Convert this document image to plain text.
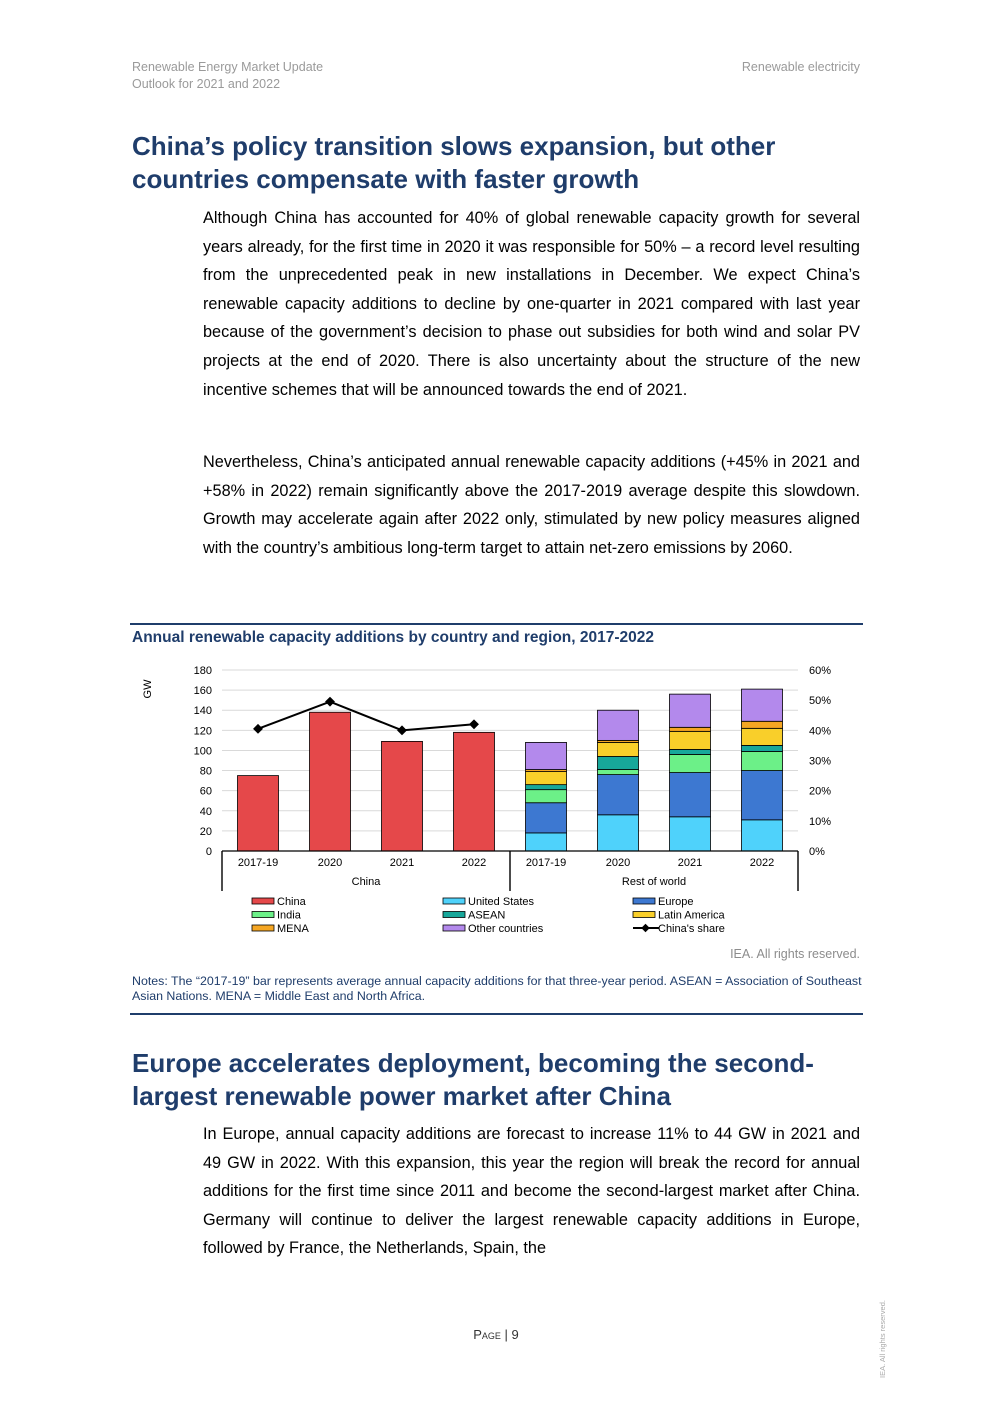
Renewable Energy Market Update
Outlook for 2021 and 2022
Renewable electricity
China’s policy transition slows expansion, but other
countries compensate with faster growth

Although China has accounted for 40% of global renewable capacity growth for several years already, for the first time in 2020 it was responsible for 50% – a record level resulting from the unprecedented peak in new installations in December. We expect China’s renewable capacity additions to decline by one-quarter in 2021 compared with last year because of the government’s decision to phase out subsidies for both wind and solar PV projects at the end of 2020. There is also uncertainty about the structure of the new incentive schemes that will be announced towards the end of 2021.

Nevertheless, China’s anticipated annual renewable capacity additions (+45% in 2021 and +58% in 2022) remain significantly above the 2017-2019 average despite this slowdown. Growth may accelerate again after 2022 only, stimulated by new policy measures aligned with the country’s ambitious long-term target to attain net-zero emissions by 2060.

Annual renewable capacity additions by country and region, 2017-2022
0
20
40
60
80
100
120
140
160
180
0%
10%
20%
30%
40%
50%
60%
GW
2017-19	2020	2021	2022	2017-19	2020	2021	2022
China	Rest of world
China	United States	Europe
India	ASEAN	Latin America
MENA	Other countries	China's share
IEA. All rights reserved.
Notes: The “2017-19” bar represents average annual capacity additions for that three-year period. ASEAN = Association of Southeast Asian Nations. MENA = Middle East and North Africa.
Europe accelerates deployment, becoming the second-
largest renewable power market after China

In Europe, annual capacity additions are forecast to increase 11% to 44 GW in 2021 and 49 GW in 2022. With this expansion, this year the region will break the record for annual additions for the first time since 2011 and become the second-largest market after China. Germany will continue to deliver the largest renewable capacity additions in Europe, followed by France, the Netherlands, Spain, the

Page | 9	IEA. All rights reserved.
